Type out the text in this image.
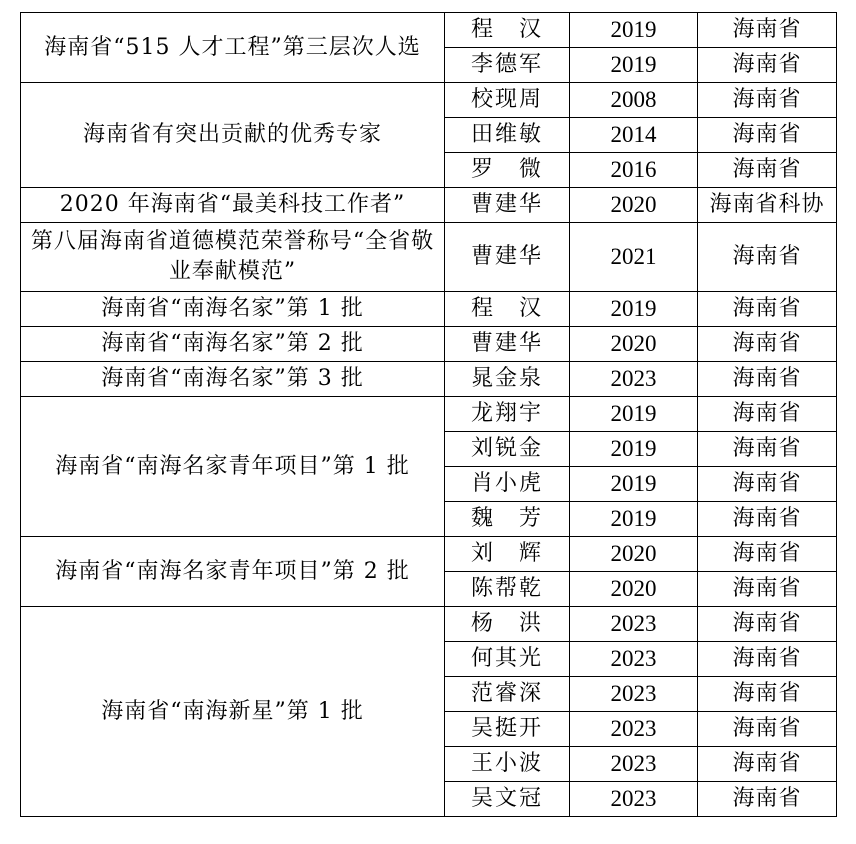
海南省“515 人才工程”第三层次人选	程　汉	2019	海南省
	李德军	2019	海南省
海南省有突出贡献的优秀专家	校现周	2008	海南省
	田维敏	2014	海南省
	罗　微	2016	海南省
2020 年海南省“最美科技工作者”	曹建华	2020	海南省科协
第八届海南省道德模范荣誉称号“全省敬业奉献模范”	曹建华	2021	海南省
海南省“南海名家”第 1 批	程　汉	2019	海南省
海南省“南海名家”第 2 批	曹建华	2020	海南省
海南省“南海名家”第 3 批	晁金泉	2023	海南省
海南省“南海名家青年项目”第 1 批	龙翔宇	2019	海南省
	刘锐金	2019	海南省
	肖小虎	2019	海南省
	魏　芳	2019	海南省
海南省“南海名家青年项目”第 2 批	刘　辉	2020	海南省
	陈帮乾	2020	海南省
海南省“南海新星”第 1 批	杨　洪	2023	海南省
	何其光	2023	海南省
	范睿深	2023	海南省
	吴挺开	2023	海南省
	王小波	2023	海南省
	吴文冠	2023	海南省
